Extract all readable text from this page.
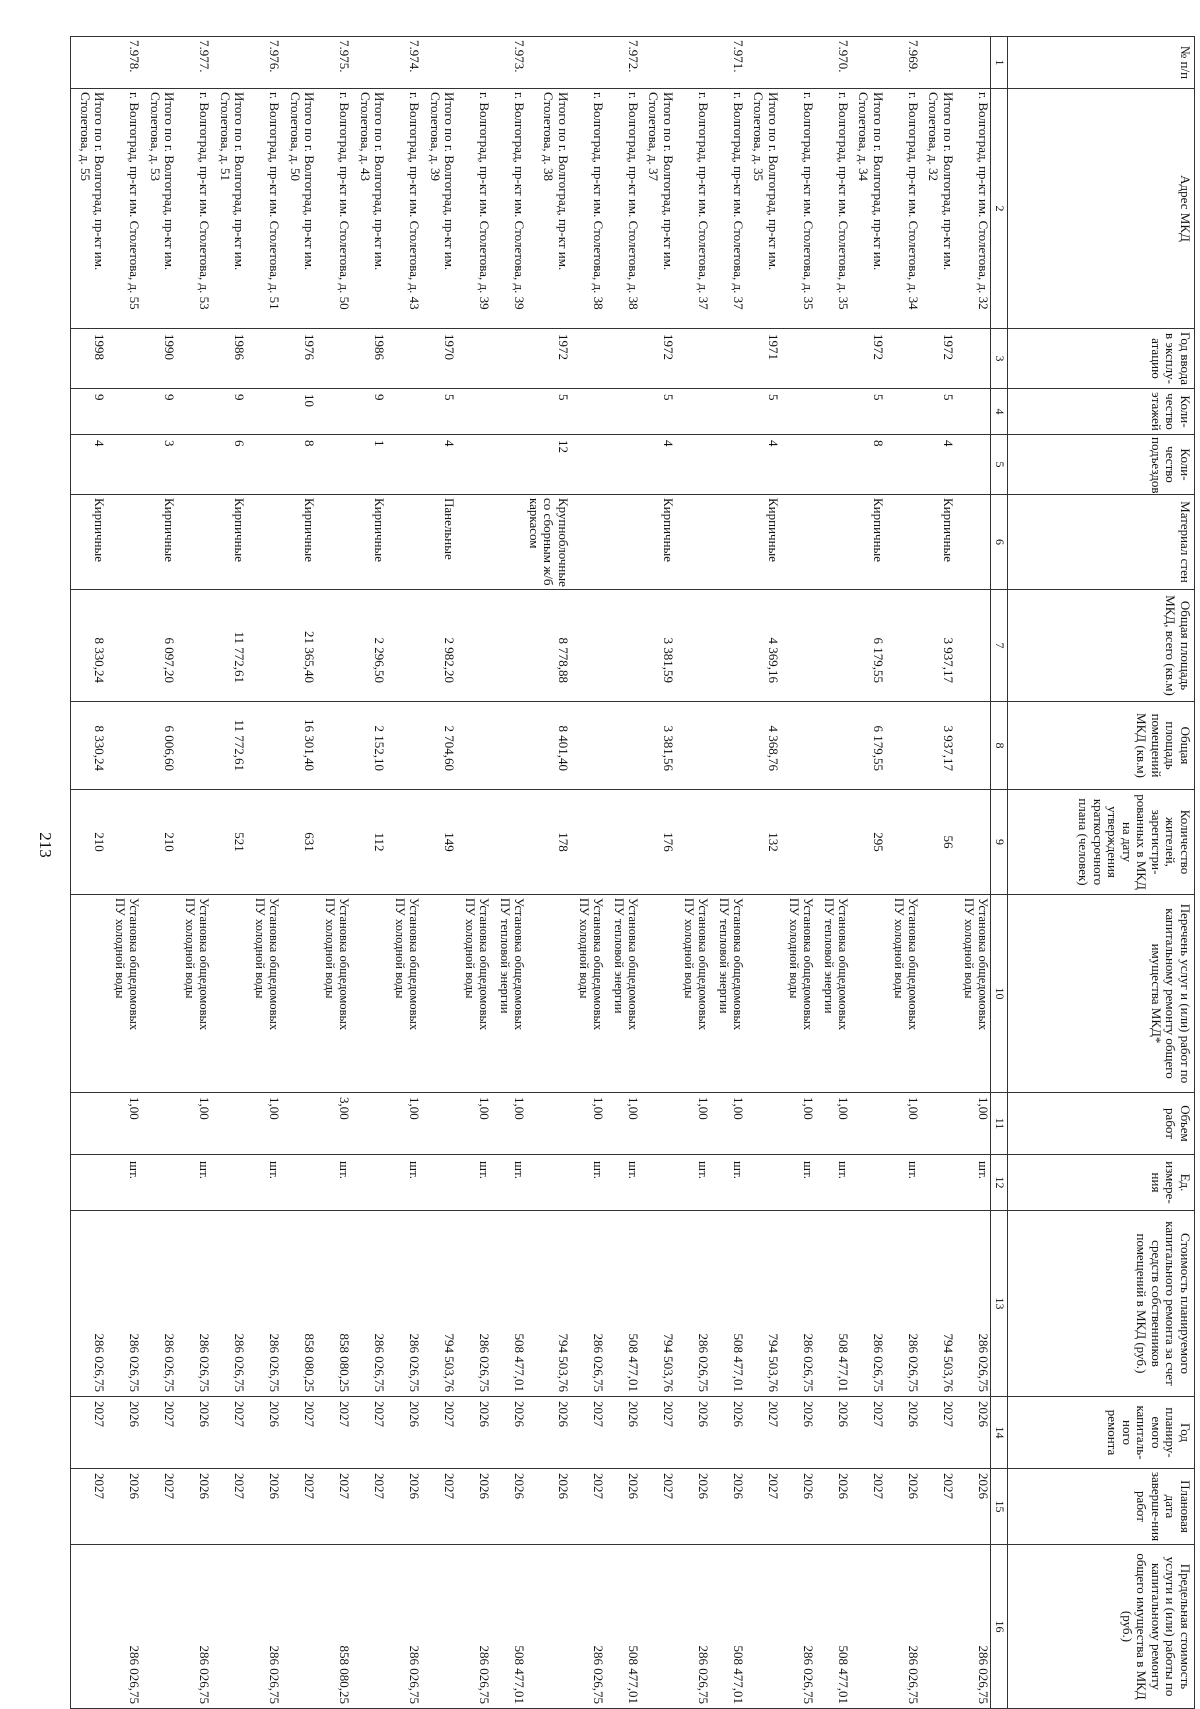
213
№ п/п	Адрес МКД	Год ввода в эксплу-атацию	Коли-чество этажей	Коли-чество подъездов	Материал стен	Общая площадь МКД, всего (кв.м)	Общая площадь помещений МКД (кв.м)	Количество жителей, зарегистри-рованных в МКД на дату утверждения краткосрочного плана (человек)	Перечень услуг и (или) работ по капитальному ремонту общего имущества МКД*	Объем работ	Ед. измере-ния	Стоимость планируемого капитального ремонта за счет средств собственников помещений в МКД (руб.)	Год планиру-емого капиталь-ного ремонта	Плановая дата заверше-ния работ	Предельная стоимость услуги и (или) работы по капитальному ремонту общего имущества в МКД (руб.)
1	2	3	4	5	6	7	8	9	10	11	12	13	14	15	16
	г. Волгоград, пр-кт им. Столетова, д. 32								Установка общедомовых
ПУ холодной воды	1,00	шт.	286 026,75	2026	2026	286 026,75
	Итого по г. Волгоград, пр-кт им. Столетова, д. 32	1972	5	4	Кирпичные	3 937,17	3 937,17	56				794 503,76	2027	2027	
7.969.	г. Волгоград, пр-кт им. Столетова, д. 34								Установка общедомовых
ПУ холодной воды	1,00	шт.	286 026,75	2026	2026	286 026,75
	Итого по г. Волгоград, пр-кт им. Столетова, д. 34	1972	5	8	Кирпичные	6 179,55	6 179,55	295				286 026,75	2027	2027	
7.970.	г. Волгоград, пр-кт им. Столетова, д. 35								Установка общедомовых
ПУ тепловой энергии	1,00	шт.	508 477,01	2026	2026	508 477,01
	г. Волгоград, пр-кт им. Столетова, д. 35								Установка общедомовых
ПУ холодной воды	1,00	шт.	286 026,75	2026	2026	286 026,75
	Итого по г. Волгоград, пр-кт им. Столетова, д. 35	1971	5	4	Кирпичные	4 369,16	4 368,76	132				794 503,76	2027	2027	
7.971.	г. Волгоград, пр-кт им. Столетова, д. 37								Установка общедомовых
ПУ тепловой энергии	1,00	шт.	508 477,01	2026	2026	508 477,01
	г. Волгоград, пр-кт им. Столетова, д. 37								Установка общедомовых
ПУ холодной воды	1,00	шт.	286 026,75	2026	2026	286 026,75
	Итого по г. Волгоград, пр-кт им. Столетова, д. 37	1972	5	4	Кирпичные	3 381,59	3 381,56	176				794 503,76	2027	2027	
7.972.	г. Волгоград, пр-кт им. Столетова, д. 38								Установка общедомовых
ПУ тепловой энергии	1,00	шт.	508 477,01	2026	2026	508 477,01
	г. Волгоград, пр-кт им. Столетова, д. 38								Установка общедомовых
ПУ холодной воды	1,00	шт.	286 026,75	2027	2027	286 026,75
	Итого по г. Волгоград, пр-кт им. Столетова, д. 38	1972	5	12	Крупноблочные со сборным ж/б каркасом	8 778,88	8 401,40	178				794 503,76	2026	2026	
7.973.	г. Волгоград, пр-кт им. Столетова, д. 39								Установка общедомовых
ПУ тепловой энергии	1,00	шт.	508 477,01	2026	2026	508 477,01
	г. Волгоград, пр-кт им. Столетова, д. 39								Установка общедомовых
ПУ холодной воды	1,00	шт.	286 026,75	2026	2026	286 026,75
	Итого по г. Волгоград, пр-кт им. Столетова, д. 39	1970	5	4	Панельные	2 982,20	2 704,60	149				794 503,76	2027	2027	
7.974.	г. Волгоград, пр-кт им. Столетова, д. 43								Установка общедомовых
ПУ холодной воды	1,00	шт.	286 026,75	2026	2026	286 026,75
	Итого по г. Волгоград, пр-кт им. Столетова, д. 43	1986	9	1	Кирпичные	2 296,50	2 152,10	112				286 026,75	2027	2027	
7.975.	г. Волгоград, пр-кт им. Столетова, д. 50								Установка общедомовых
ПУ холодной воды	3,00	шт.	858 080,25	2027	2027	858 080,25
	Итого по г. Волгоград, пр-кт им. Столетова, д. 50	1976	10	8	Кирпичные	21 365,40	16 301,40	631				858 080,25	2027	2027	
7.976.	г. Волгоград, пр-кт им. Столетова, д. 51								Установка общедомовых
ПУ холодной воды	1,00	шт.	286 026,75	2026	2026	286 026,75
	Итого по г. Волгоград, пр-кт им. Столетова, д. 51	1986	9	6	Кирпичные	11 772,61	11 772,61	521				286 026,75	2027	2027	
7.977.	г. Волгоград, пр-кт им. Столетова, д. 53								Установка общедомовых
ПУ холодной воды	1,00	шт.	286 026,75	2026	2026	286 026,75
	Итого по г. Волгоград, пр-кт им. Столетова, д. 53	1990	9	3	Кирпичные	6 097,20	6 006,60	210				286 026,75	2027	2027	
7.978.	г. Волгоград, пр-кт им. Столетова, д. 55								Установка общедомовых
ПУ холодной воды	1,00	шт.	286 026,75	2026	2026	286 026,75
	Итого по г. Волгоград, пр-кт им. Столетова, д. 55	1998	9	4	Кирпичные	8 330,24	8 330,24	210				286 026,75	2027	2027	
